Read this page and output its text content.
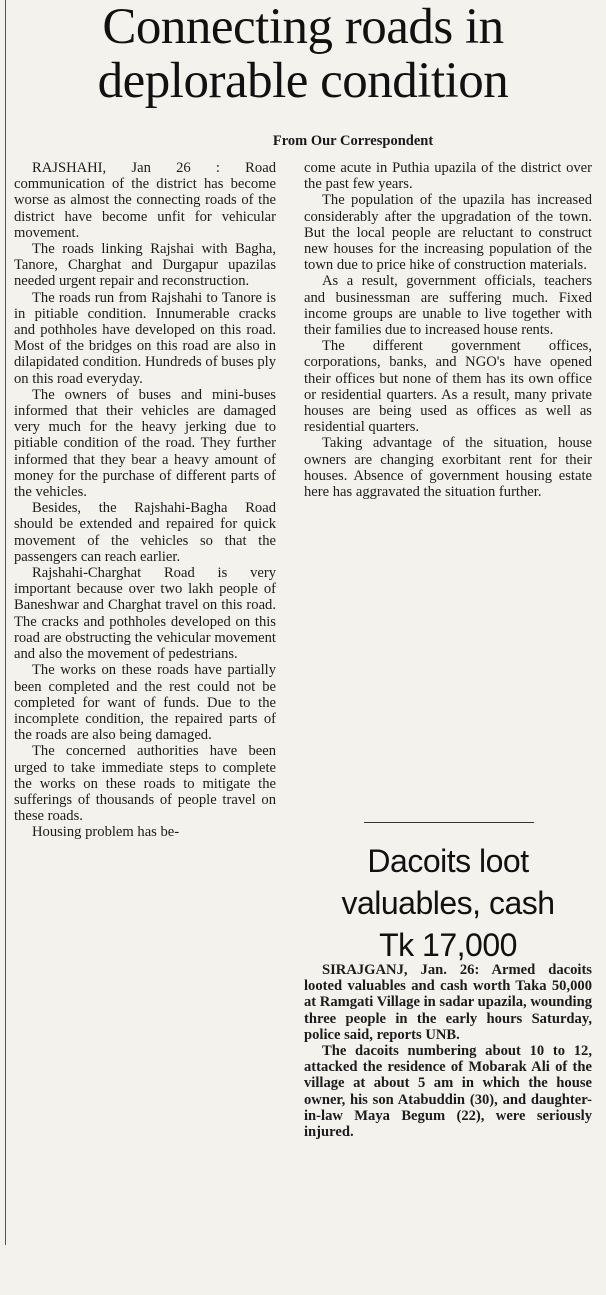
Connecting roads in
deplorable condition
From Our Correspondent

RAJSHAHI, Jan 26 : Road communication of the district has become worse as almost the connecting roads of the district have become unfit for vehicular movement.

The roads linking Rajshai with Bagha, Tanore, Charghat and Durgapur upazilas needed urgent repair and reconstruction.

The roads run from Rajshahi to Tanore is in pitiable condition. Innumerable cracks and pothholes have developed on this road. Most of the bridges on this road are also in dilapidated condition. Hundreds of buses ply on this road everyday.

The owners of buses and mini-buses informed that their vehicles are damaged very much for the heavy jerking due to pitiable condition of the road. They further informed that they bear a heavy amount of money for the purchase of different parts of the vehicles.

Besides, the Rajshahi-Bagha Road should be extended and repaired for quick movement of the vehicles so that the passengers can reach earlier.

Rajshahi-Charghat Road is very important because over two lakh people of Baneshwar and Charghat travel on this road. The cracks and pothholes developed on this road are obstructing the vehicular movement and also the movement of pedestrians.

The works on these roads have partially been completed and the rest could not be completed for want of funds. Due to the incomplete condition, the repaired parts of the roads are also being damaged.

The concerned authorities have been urged to take immediate steps to complete the works on these roads to mitigate the sufferings of thousands of people travel on these roads.

Housing problem has be-

come acute in Puthia upazila of the district over the past few years.

The population of the upazila has increased considerably after the upgradation of the town. But the local people are reluctant to construct new houses for the increasing population of the town due to price hike of construction materials.

As a result, government officials, teachers and businessman are suffering much. Fixed income groups are unable to live together with their families due to increased house rents.

The different government offices, corporations, banks, and NGO's have opened their offices but none of them has its own office or residential quarters. As a result, many private houses are being used as offices as well as residential quarters.

Taking advantage of the situation, house owners are changing exorbitant rent for their houses. Absence of government housing estate here has aggravated the situation further.

Dacoits loot
valuables, cash
Tk 17,000

SIRAJGANJ, Jan. 26: Armed dacoits looted valuables and cash worth Taka 50,000 at Ramgati Village in sadar upazila, wounding three people in the early hours Saturday, police said, reports UNB.

The dacoits numbering about 10 to 12, attacked the residence of Mobarak Ali of the village at about 5 am in which the house owner, his son Atabuddin (30), and daughter-in-law Maya Begum (22), were seriously injured.
